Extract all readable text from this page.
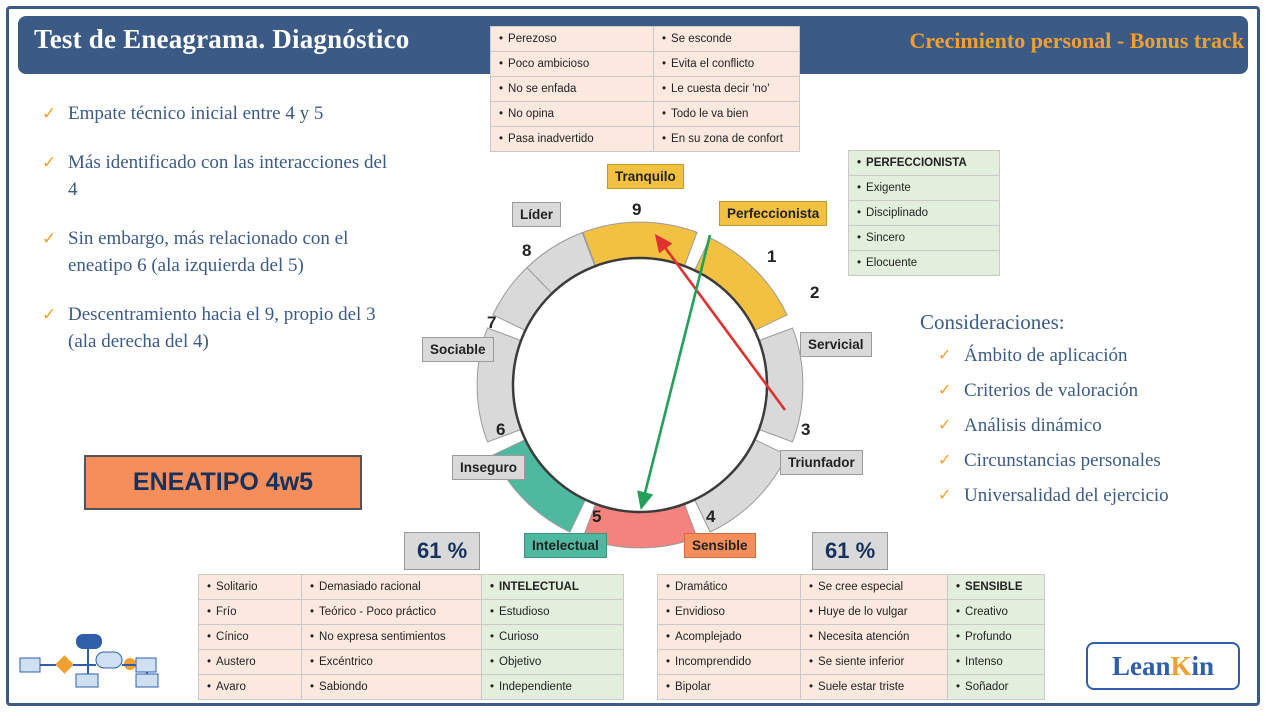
Test de Eneagrama. Diagnóstico	Crecimiento personal - Bonus track
✓ Empate técnico inicial entre 4 y 5
✓ Más identificado con las interacciones del 4
✓ Sin embargo, más relacionado con el eneatipo 6 (ala izquierda del 5)
✓ Descentramiento hacia el 9, propio del 3 (ala derecha del 4)
ENEATIPO 4w5
Consideraciones:
✓ Ámbito de aplicación
✓ Criterios de valoración
✓ Análisis dinámico
✓ Circunstancias personales
✓ Universalidad del ejercicio
• Perezoso	• Se esconde
• Poco ambicioso	• Evita el conflicto
• No se enfada	• Le cuesta decir 'no'
• No opina	• Todo le va bien
• Pasa inadvertido	• En su zona de confort
• PERFECCIONISTA
• Exigente
• Disciplinado
• Sincero
• Elocuente
• Solitario	• Demasiado racional	• INTELECTUAL
• Frío	• Teórico - Poco práctico	• Estudioso
• Cínico	• No expresa sentimientos	• Curioso
• Austero	• Excéntrico	• Objetivo
• Avaro	• Sabiondo	• Independiente
• Dramático	• Se cree especial	• SENSIBLE
• Envidioso	• Huye de lo vulgar	• Creativo
• Acomplejado	• Necesita atención	• Profundo
• Incomprendido	• Se siente inferior	• Intenso
• Bipolar	• Suele estar triste	• Soñador
61 %	61 %
9
1
2
3
4
5
6
7
8
Tranquilo
Perfeccionista
Servicial
Triunfador
Sensible
Intelectual
Inseguro
Sociable
Líder
Lean K in
